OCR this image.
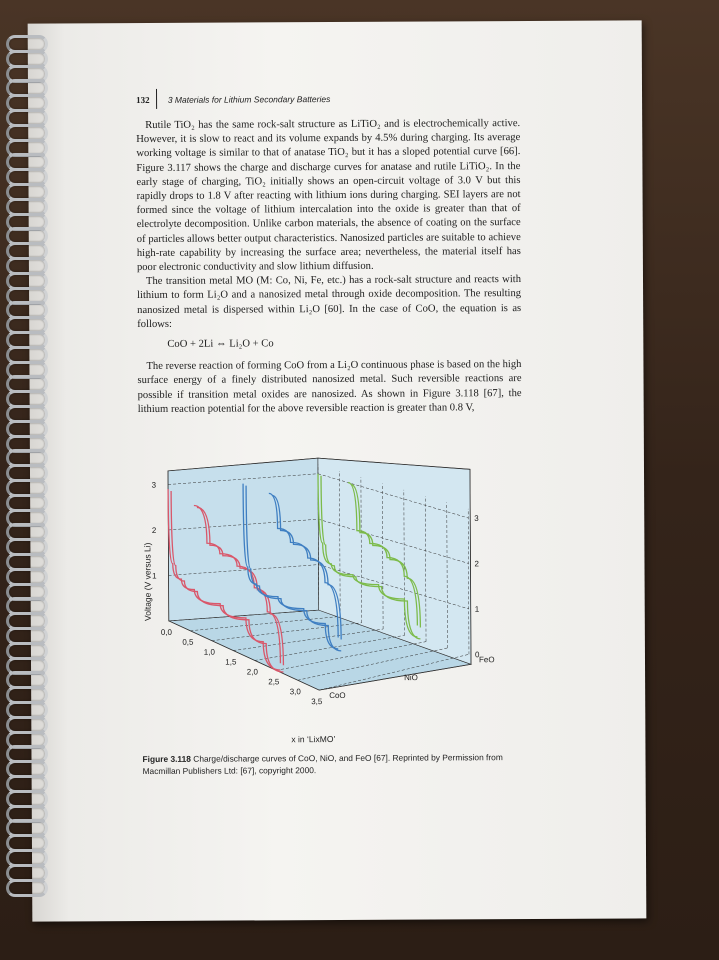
132 3 Materials for Lithium Secondary Batteries

Rutile TiO₂ has the same rock-salt structure as LiTiO₂ and is electrochemically active. However, it is slow to react and its volume expands by 4.5% during charging. Its average working voltage is similar to that of anatase TiO₂ but it has a sloped potential curve [66]. Figure 3.117 shows the charge and discharge curves for anatase and rutile LiTiO₂. In the early stage of charging, TiO₂ initially shows an open-circuit voltage of 3.0 V but this rapidly drops to 1.8 V after reacting with lithium ions during charging. SEI layers are not formed since the voltage of lithium intercalation into the oxide is greater than that of electrolyte decomposition. Unlike carbon materials, the absence of coating on the surface of particles allows better output characteristics. Nanosized particles are suitable to achieve high-rate capability by increasing the surface area; nevertheless, the material itself has poor electronic conductivity and slow lithium diffusion.

The transition metal MO (M: Co, Ni, Fe, etc.) has a rock-salt structure and reacts with lithium to form Li₂O and a nanosized metal through oxide decomposition. The resulting nanosized metal is dispersed within Li₂O [60]. In the case of CoO, the equation is as follows:

CoO + 2Li ⇔ Li₂O + Co

The reverse reaction of forming CoO from a Li₂O continuous phase is based on the high surface energy of a finely distributed nanosized metal. Such reversible reactions are possible if transition metal oxides are nanosized. As shown in Figure 3.118 [67], the lithium reaction potential for the above reversible reaction is greater than 0.8 V,

3
2
1
3
2
1
0
0,0
0,5
1,0
1,5
2,0
2,5
3,0
3,5
FeO
NiO
CoO
Voltage (V versus Li)
x in ‘LixMO’
Figure 3.118 Charge/discharge curves of CoO, NiO, and FeO [67]. Reprinted by Permission from Macmillan Publishers Ltd: [67], copyright 2000.
